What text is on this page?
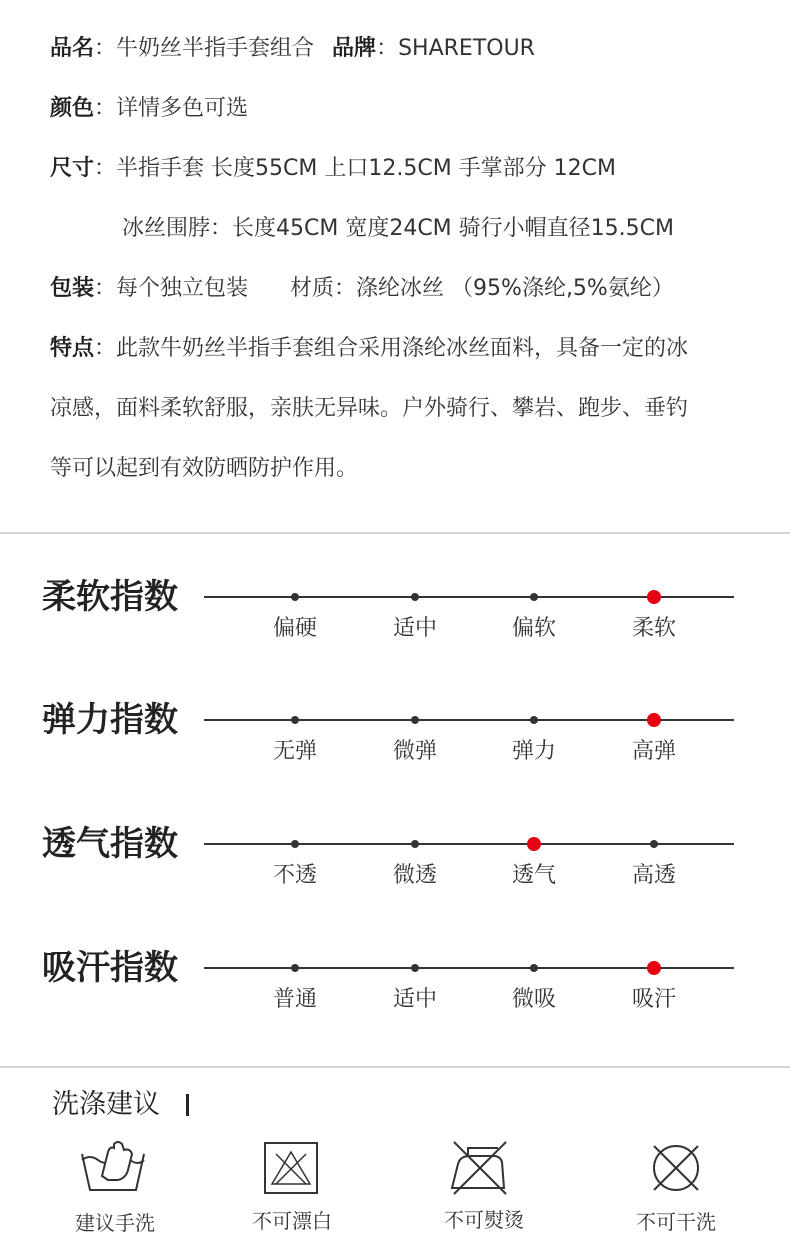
品名：牛奶丝半指手套组合 品牌：SHARETOUR
颜色：详情多色可选
尺寸：半指手套 长度55CM 上口12.5CM 手掌部分 12CM
冰丝围脖：长度45CM 宽度24CM 骑行小帽直径15.5CM
包装：每个独立包装 材质：涤纶冰丝 （95%涤纶,5%氨纶）
特点：此款牛奶丝半指手套组合采用涤纶冰丝面料，具备一定的冰
凉感，面料柔软舒服，亲肤无异味。户外骑行、攀岩、跑步、垂钓
等可以起到有效防晒防护作用。
柔软指数
偏硬	适中	偏软	柔软
弹力指数
无弹	微弹	弹力	高弹
透气指数
不透	微透	透气	高透
吸汗指数
普通	适中	微吸	吸汗
洗涤建议
建议手洗	不可漂白	不可熨烫	不可干洗
